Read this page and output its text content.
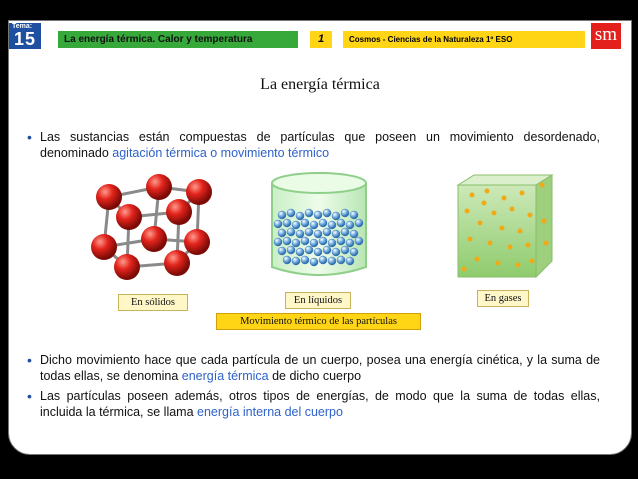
Tema:
15	La energía térmica. Calor y temperatura	1	Cosmos - Ciencias de la Naturaleza 1º ESO	sm
La energía térmica
• Las sustancias están compuestas de partículas que poseen un movimiento desordenado, denominado agitación térmica o movimiento térmico
En sólidos	En líquidos	En gases
Movimiento térmico de las partículas
• Dicho movimiento hace que cada partícula de un cuerpo, posea una energía cinética, y la suma de todas ellas, se denomina energía térmica de dicho cuerpo
• Las partículas poseen además, otros tipos de energías, de modo que la suma de todas ellas, incluida la térmica, se llama energía interna del cuerpo
